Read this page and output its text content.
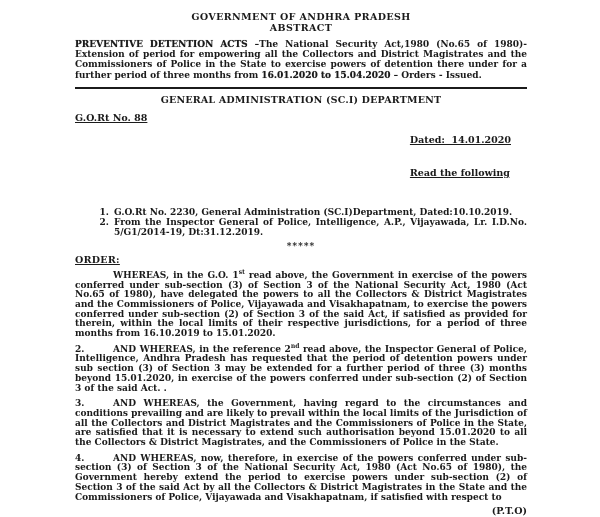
GOVERNMENT OF ANDHRA PRADESH
ABSTRACT

PREVENTIVE DETENTION ACTS –The National Security Act,1980 (No.65 of 1980)- Extension of period for empowering all the Collectors and District Magistrates and the Commissioners of Police in the State to exercise powers of detention there under for a further period of three months from 16.01.2020 to 15.04.2020 – Orders - Issued.

GENERAL ADMINISTRATION (SC.I) DEPARTMENT
G.O.Rt No. 88

Dated:  14.01.2020

Read the following

1. G.O.Rt No. 2230, General Administration (SC.I)Department, Dated:10.10.2019.
2. From the Inspector General of Police, Intelligence, A.P., Vijayawada, Lr. I.D.No. 5/G1/2014-19, Dt:31.12.2019.
*****
ORDER:

WHEREAS, in the G.O. 1st read above, the Government in exercise of the powers conferred under sub-section (3) of Section 3 of the National Security Act, 1980 (Act No.65 of 1980), have delegated the powers to all the Collectors & District Magistrates and the Commissioners of Police, Vijayawada and Visakhapatnam, to exercise the powers conferred under sub-section (2) of Section 3 of the said Act, if satisfied as provided for therein, within the local limits of their respective jurisdictions, for a period of three months from 16.10.2019 to 15.01.2020.

2.	AND WHEREAS, in the reference 2nd read above, the Inspector General of Police, Intelligence, Andhra Pradesh has requested that the period of detention powers under sub section (3) of Section 3 may be extended for a further period of three (3) months beyond 15.01.2020, in exercise of the powers conferred under sub-section (2) of Section 3 of the said Act. .

3.	AND WHEREAS, the Government, having regard to the circumstances and conditions prevailing and are likely to prevail within the local limits of the Jurisdiction of all the Collectors and District Magistrates and the Commissioners of Police in the State, are satisfied that it is necessary to extend such authorisation beyond 15.01.2020 to all the Collectors & District Magistrates, and the Commissioners of Police in the State.

4.	AND WHEREAS, now, therefore, in exercise of the powers conferred under sub-section (3) of Section 3 of the National Security Act, 1980 (Act No.65 of 1980), the Government hereby extend the period to exercise powers under sub-section (2) of Section 3 of the said Act by all the Collectors & District Magistrates in the State and the Commissioners of Police, Vijayawada and Visakhapatnam, if satisfied with respect to

(P.T.O)
